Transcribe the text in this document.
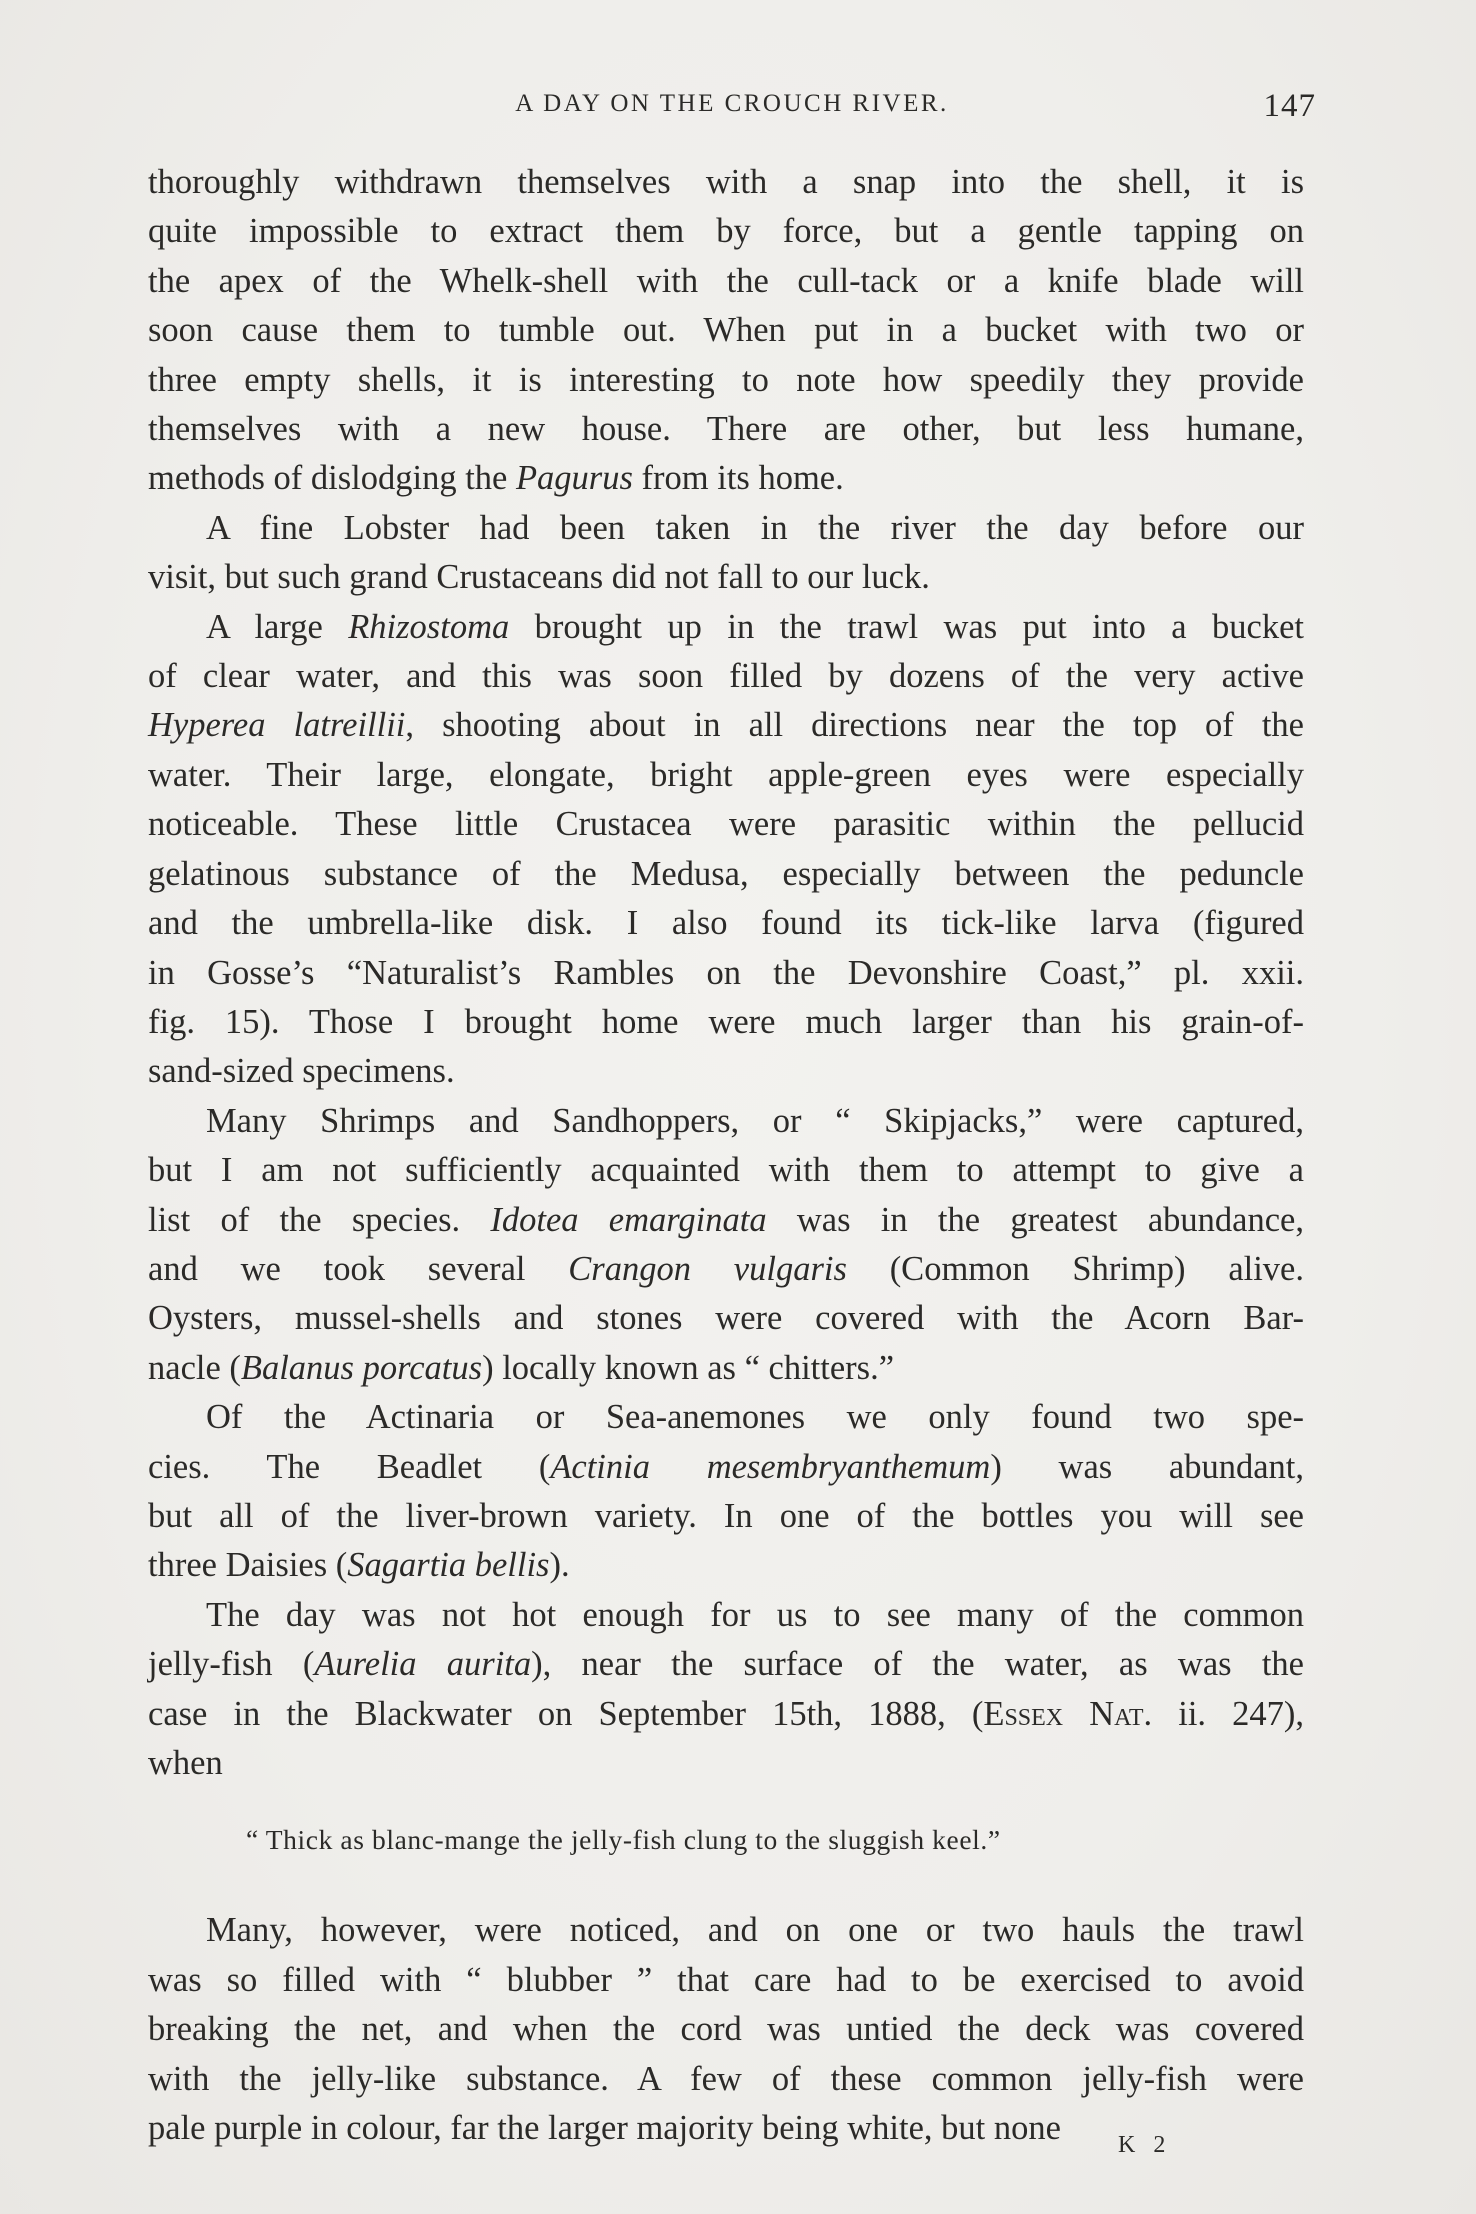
A DAY ON THE CROUCH RIVER.	147
thoroughly withdrawn themselves with a snap into the shell, it is
quite impossible to extract them by force, but a gentle tapping on
the apex of the Whelk-shell with the cull-tack or a knife blade will
soon cause them to tumble out. When put in a bucket with two or
three empty shells, it is interesting to note how speedily they provide
themselves with a new house. There are other, but less humane,
methods of dislodging the Pagurus from its home.
A fine Lobster had been taken in the river the day before our
visit, but such grand Crustaceans did not fall to our luck.
A large Rhizostoma brought up in the trawl was put into a bucket
of clear water, and this was soon filled by dozens of the very active
Hyperea latreillii, shooting about in all directions near the top of the
water. Their large, elongate, bright apple-green eyes were especially
noticeable. These little Crustacea were parasitic within the pellucid
gelatinous substance of the Medusa, especially between the peduncle
and the umbrella-like disk. I also found its tick-like larva (figured
in Gosse’s “Naturalist’s Rambles on the Devonshire Coast,” pl. xxii.
fig. 15). Those I brought home were much larger than his grain-of-
sand-sized specimens.
Many Shrimps and Sandhoppers, or “ Skipjacks,” were captured,
but I am not sufficiently acquainted with them to attempt to give a
list of the species. Idotea emarginata was in the greatest abundance,
and we took several Crangon vulgaris (Common Shrimp) alive.
Oysters, mussel-shells and stones were covered with the Acorn Bar-
nacle (Balanus porcatus) locally known as “ chitters.”
Of the Actinaria or Sea-anemones we only found two spe-
cies. The Beadlet (Actinia mesembryanthemum) was abundant,
but all of the liver-brown variety. In one of the bottles you will see
three Daisies (Sagartia bellis).
The day was not hot enough for us to see many of the common
jelly-fish (Aurelia aurita), near the surface of the water, as was the
case in the Blackwater on September 15th, 1888, (Essex Nat. ii. 247),
when
“ Thick as blanc-mange the jelly-fish clung to the sluggish keel.”
Many, however, were noticed, and on one or two hauls the trawl
was so filled with “ blubber ” that care had to be exercised to avoid
breaking the net, and when the cord was untied the deck was covered
with the jelly-like substance. A few of these common jelly-fish were
pale purple in colour, far the larger majority being white, but none	K 2
